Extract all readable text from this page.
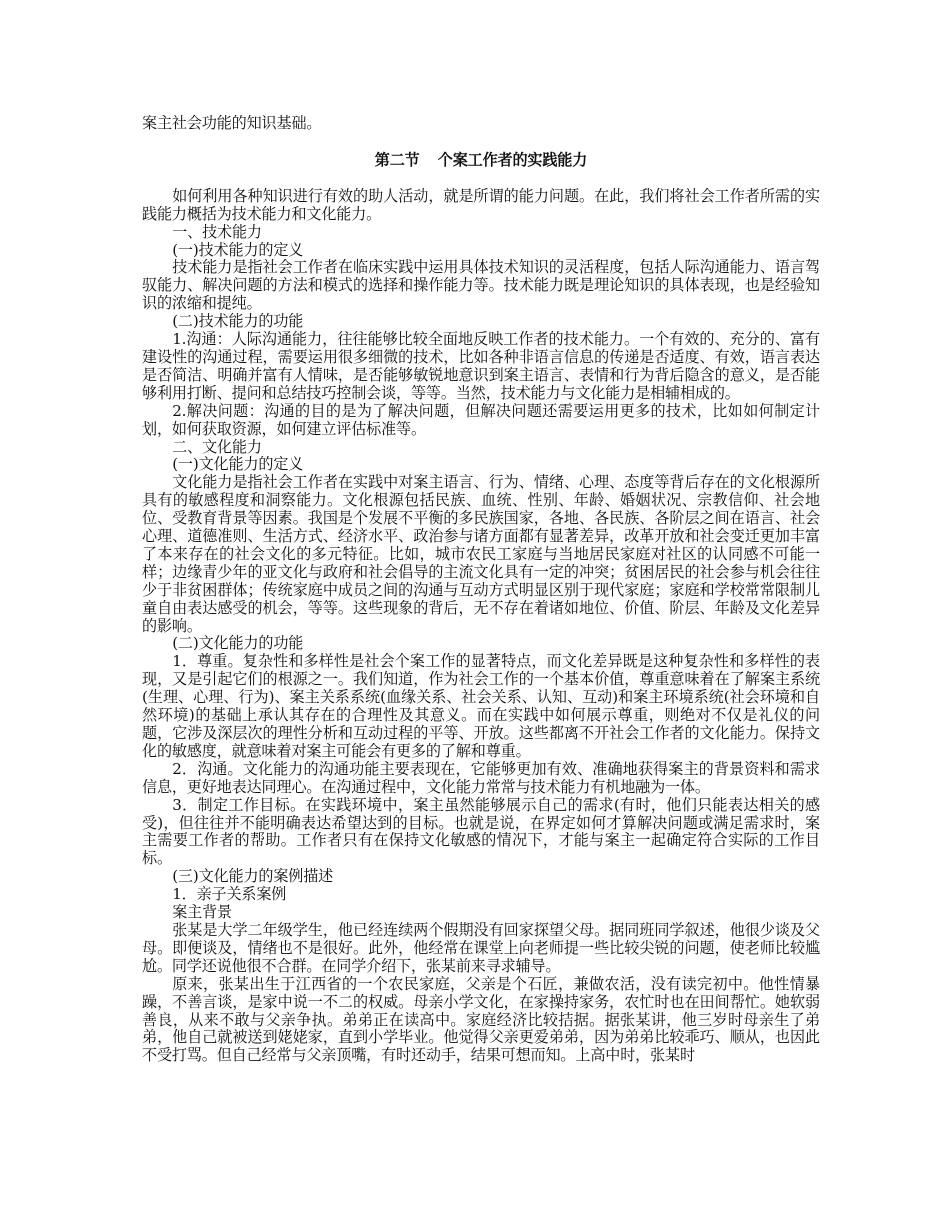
案主社会功能的知识基础。

第二节 个案工作者的实践能力

如何利用各种知识进行有效的助人活动，就是所谓的能力问题。在此，我们将社会工作者所需的实践能力概括为技术能力和文化能力。

一、技术能力

(一)技术能力的定义

技术能力是指社会工作者在临床实践中运用具体技术知识的灵活程度，包括人际沟通能力、语言驾驭能力、解决问题的方法和模式的选择和操作能力等。技术能力既是理论知识的具体表现，也是经验知识的浓缩和提纯。

(二)技术能力的功能

1.沟通：人际沟通能力，往往能够比较全面地反映工作者的技术能力。一个有效的、充分的、富有建设性的沟通过程，需要运用很多细微的技术，比如各种非语言信息的传递是否适度、有效，语言表达是否简洁、明确并富有人情味，是否能够敏锐地意识到案主语言、表情和行为背后隐含的意义，是否能够利用打断、提问和总结技巧控制会谈，等等。当然，技术能力与文化能力是相辅相成的。

2.解决问题：沟通的目的是为了解决问题，但解决问题还需要运用更多的技术，比如如何制定计划，如何获取资源，如何建立评估标准等。

二、文化能力

(一)文化能力的定义

文化能力是指社会工作者在实践中对案主语言、行为、情绪、心理、态度等背后存在的文化根源所具有的敏感程度和洞察能力。文化根源包括民族、血统、性别、年龄、婚姻状况、宗教信仰、社会地位、受教育背景等因素。我国是个发展不平衡的多民族国家，各地、各民族、各阶层之间在语言、社会心理、道德准则、生活方式、经济水平、政治参与诸方面都有显著差异，改革开放和社会变迁更加丰富了本来存在的社会文化的多元特征。比如，城市农民工家庭与当地居民家庭对社区的认同感不可能一样；边缘青少年的亚文化与政府和社会倡导的主流文化具有一定的冲突；贫困居民的社会参与机会往往少于非贫困群体；传统家庭中成员之间的沟通与互动方式明显区别于现代家庭；家庭和学校常常限制儿童自由表达感受的机会，等等。这些现象的背后，无不存在着诸如地位、价值、阶层、年龄及文化差异的影响。

(二)文化能力的功能

1．尊重。复杂性和多样性是社会个案工作的显著特点，而文化差异既是这种复杂性和多样性的表现，又是引起它们的根源之一。我们知道，作为社会工作的一个基本价值，尊重意味着在了解案主系统(生理、心理、行为)、案主关系系统(血缘关系、社会关系、认知、互动)和案主环境系统(社会环境和自然环境)的基础上承认其存在的合理性及其意义。而在实践中如何展示尊重，则绝对不仅是礼仪的问题，它涉及深层次的理性分析和互动过程的平等、开放。这些都离不开社会工作者的文化能力。保持文化的敏感度，就意味着对案主可能会有更多的了解和尊重。

2．沟通。文化能力的沟通功能主要表现在，它能够更加有效、准确地获得案主的背景资料和需求信息，更好地表达同理心。在沟通过程中，文化能力常常与技术能力有机地融为一体。

3．制定工作目标。在实践环境中，案主虽然能够展示自己的需求(有时，他们只能表达相关的感受)，但往往并不能明确表达希望达到的目标。也就是说，在界定如何才算解决问题或满足需求时，案主需要工作者的帮助。工作者只有在保持文化敏感的情况下，才能与案主一起确定符合实际的工作目标。

(三)文化能力的案例描述

1．亲子关系案例

案主背景

张某是大学二年级学生，他已经连续两个假期没有回家探望父母。据同班同学叙述，他很少谈及父母。即便谈及，情绪也不是很好。此外，他经常在课堂上向老师提一些比较尖锐的问题，使老师比较尴尬。同学还说他很不合群。在同学介绍下，张某前来寻求辅导。

原来，张某出生于江西省的一个农民家庭，父亲是个石匠，兼做农活，没有读完初中。他性情暴躁，不善言谈，是家中说一不二的权威。母亲小学文化，在家操持家务，农忙时也在田间帮忙。她软弱善良，从来不敢与父亲争执。弟弟正在读高中。家庭经济比较拮据。据张某讲，他三岁时母亲生了弟弟，他自己就被送到姥姥家，直到小学毕业。他觉得父亲更爱弟弟，因为弟弟比较乖巧、顺从，也因此不受打骂。但自己经常与父亲顶嘴，有时还动手，结果可想而知。上高中时，张某时
